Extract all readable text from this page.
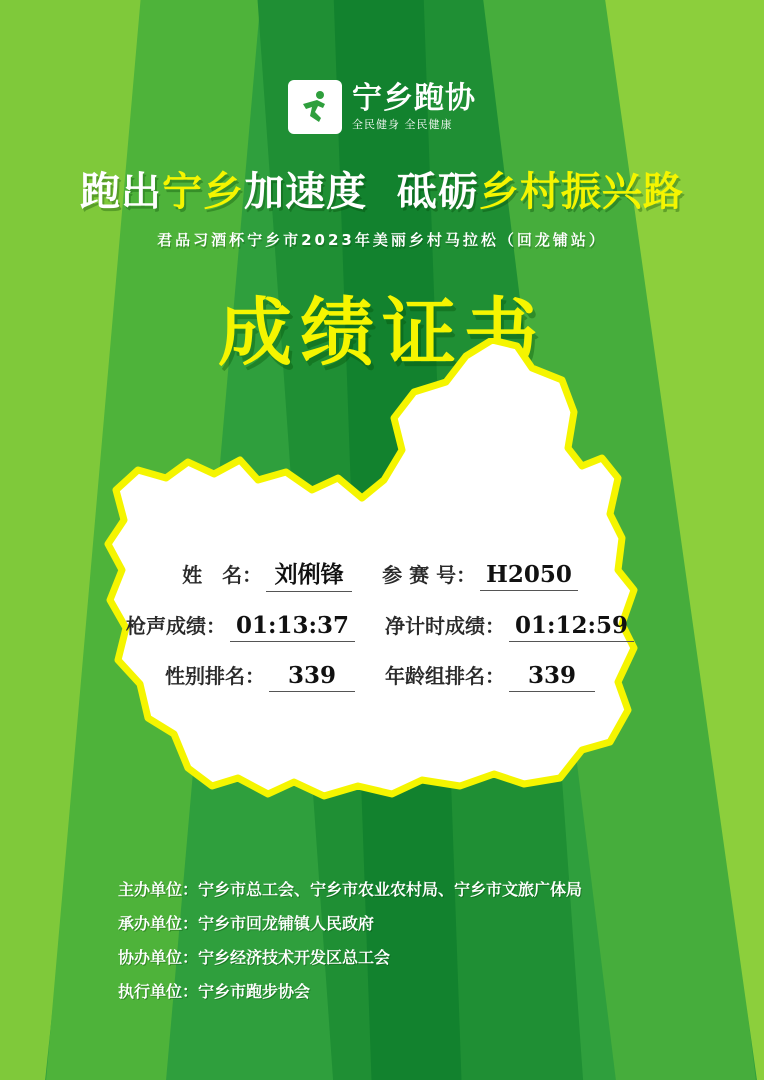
宁乡跑协
全民健身 全民健康
跑出宁乡加速度 砥砺乡村振兴路
君品习酒杯宁乡市2023年美丽乡村马拉松（回龙铺站）
成绩证书
姓　名： 刘俐锋	参 赛 号： H2050
枪声成绩： 01:13:37	净计时成绩： 01:12:59
性别排名： 339	年龄组排名： 339
主办单位：宁乡市总工会、宁乡市农业农村局、宁乡市文旅广体局
承办单位：宁乡市回龙铺镇人民政府
协办单位：宁乡经济技术开发区总工会
执行单位：宁乡市跑步协会
